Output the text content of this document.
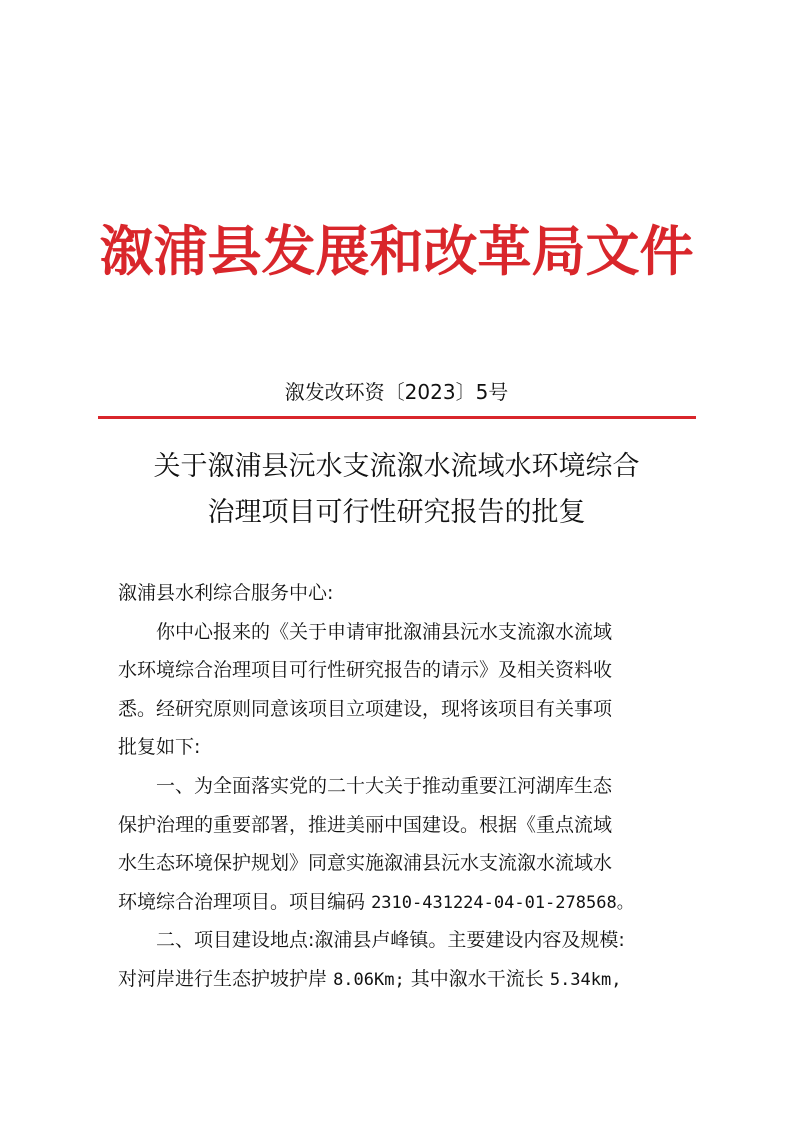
溆浦县发展和改革局文件
溆发改环资〔2023〕5号
关于溆浦县沅水支流溆水流域水环境综合
治理项目可行性研究报告的批复
溆浦县水利综合服务中心:
你中心报来的《关于申请审批溆浦县沅水支流溆水流域
水环境综合治理项目可行性研究报告的请示》及相关资料收
悉。经研究原则同意该项目立项建设，现将该项目有关事项
批复如下:
一、为全面落实党的二十大关于推动重要江河湖库生态
保护治理的重要部署，推进美丽中国建设。根据《重点流域
水生态环境保护规划》同意实施溆浦县沅水支流溆水流域水
环境综合治理项目。项目编码 2310-431224-04-01-278568。
二、项目建设地点:溆浦县卢峰镇。主要建设内容及规模:
对河岸进行生态护坡护岸 8.06Km; 其中溆水干流长 5.34km,
